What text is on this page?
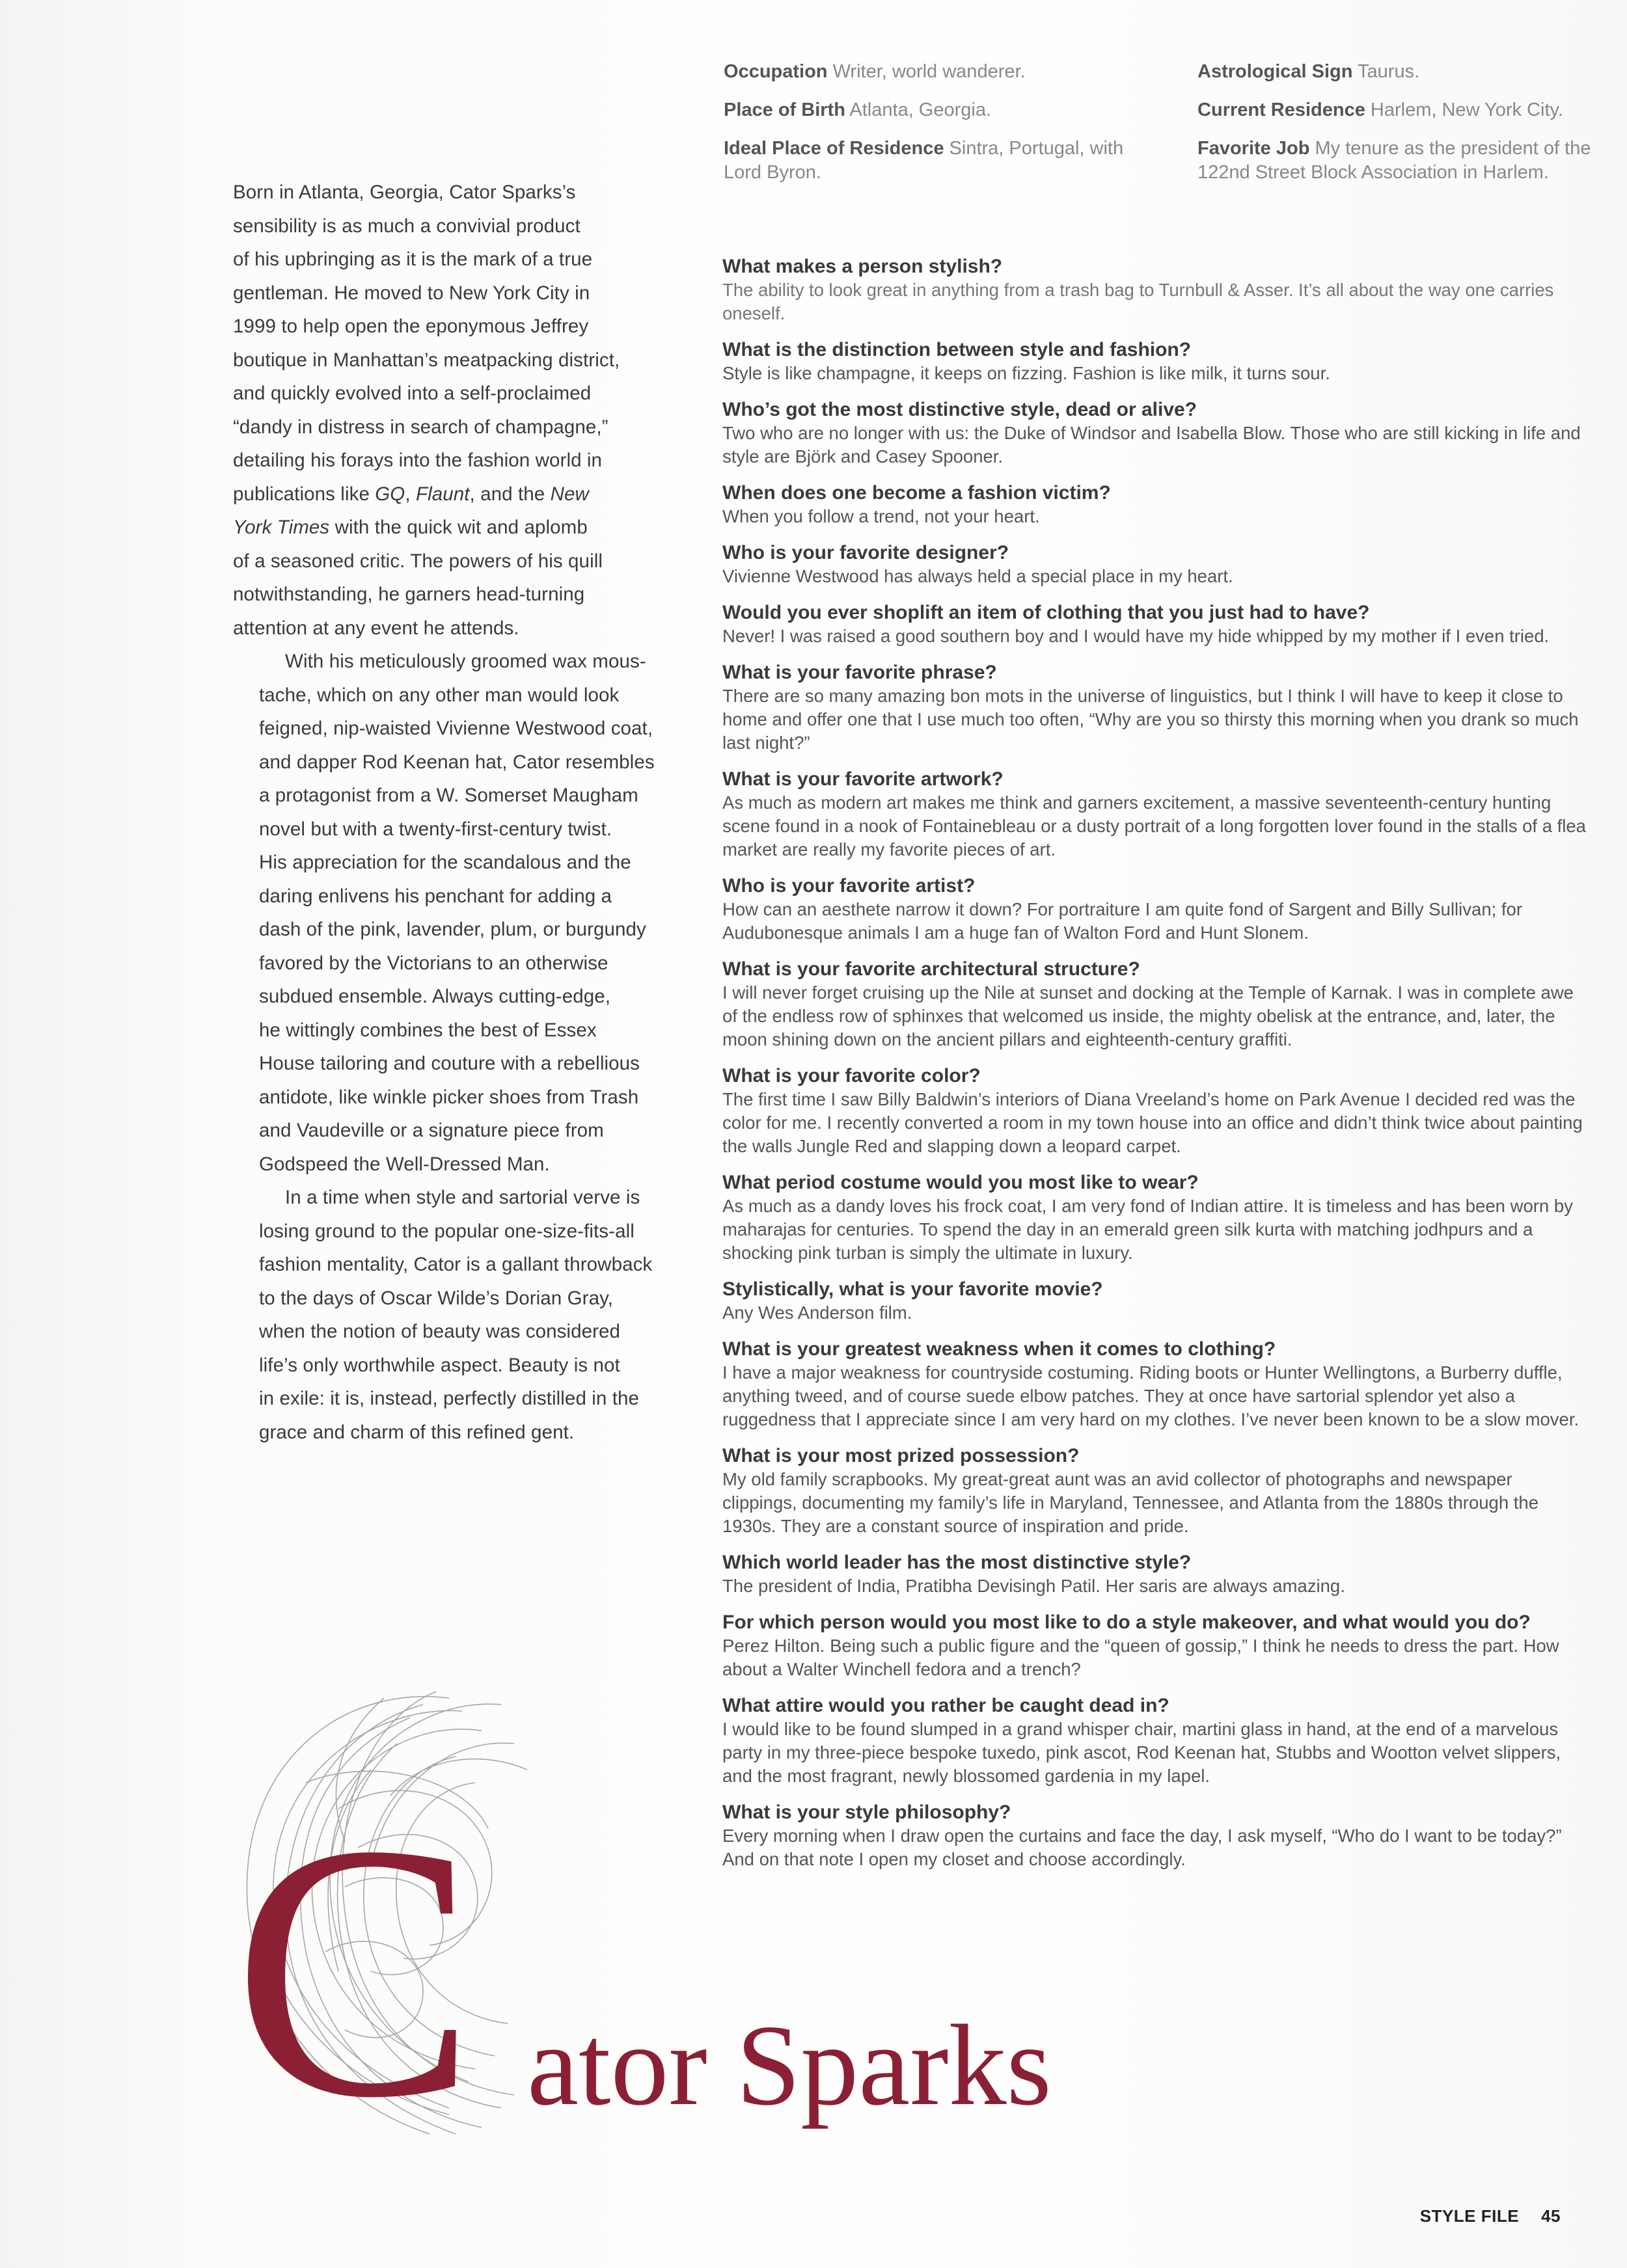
Occupation Writer, world wanderer.

Place of Birth Atlanta, Georgia.

Ideal Place of Residence Sintra, Portugal, with Lord Byron.

Astrological Sign Taurus.

Current Residence Harlem, New York City.

Favorite Job My tenure as the president of the 122nd Street Block Association in Harlem.

Born in Atlanta, Georgia, Cator Sparks’s
sensibility is as much a convivial product
of his upbringing as it is the mark of a true
gentleman. He moved to New York City in
1999 to help open the eponymous Jeffrey
boutique in Manhattan’s meatpacking district,
and quickly evolved into a self-proclaimed
“dandy in distress in search of champagne,”
detailing his forays into the fashion world in
publications like GQ, Flaunt, and the New
York Times with the quick wit and aplomb
of a seasoned critic. The powers of his quill
notwithstanding, he garners head-turning
attention at any event he attends.

With his meticulously groomed wax mous-
tache, which on any other man would look
feigned, nip-waisted Vivienne Westwood coat,
and dapper Rod Keenan hat, Cator resembles
a protagonist from a W. Somerset Maugham
novel but with a twenty-first-century twist.
His appreciation for the scandalous and the
daring enlivens his penchant for adding a
dash of the pink, lavender, plum, or burgundy
favored by the Victorians to an otherwise
subdued ensemble. Always cutting-edge,
he wittingly combines the best of Essex
House tailoring and couture with a rebellious
antidote, like winkle picker shoes from Trash
and Vaudeville or a signature piece from
Godspeed the Well-Dressed Man.

In a time when style and sartorial verve is
losing ground to the popular one-size-fits-all
fashion mentality, Cator is a gallant throwback
to the days of Oscar Wilde’s Dorian Gray,
when the notion of beauty was considered
life’s only worthwhile aspect. Beauty is not
in exile: it is, instead, perfectly distilled in the
grace and charm of this refined gent.

What makes a person stylish?

The ability to look great in anything from a trash bag to Turnbull & Asser. It’s all about the way one carries oneself.

What is the distinction between style and fashion?

Style is like champagne, it keeps on fizzing. Fashion is like milk, it turns sour.

Who’s got the most distinctive style, dead or alive?

Two who are no longer with us: the Duke of Windsor and Isabella Blow. Those who are still kicking in life and style are Björk and Casey Spooner.

When does one become a fashion victim?

When you follow a trend, not your heart.

Who is your favorite designer?

Vivienne Westwood has always held a special place in my heart.

Would you ever shoplift an item of clothing that you just had to have?

Never! I was raised a good southern boy and I would have my hide whipped by my mother if I even tried.

What is your favorite phrase?

There are so many amazing bon mots in the universe of linguistics, but I think I will have to keep it close to home and offer one that I use much too often, “Why are you so thirsty this morning when you drank so much last night?”

What is your favorite artwork?

As much as modern art makes me think and garners excitement, a massive seventeenth-century hunting scene found in a nook of Fontainebleau or a dusty portrait of a long forgotten lover found in the stalls of a flea market are really my favorite pieces of art.

Who is your favorite artist?

How can an aesthete narrow it down? For portraiture I am quite fond of Sargent and Billy Sullivan; for Audubonesque animals I am a huge fan of Walton Ford and Hunt Slonem.

What is your favorite architectural structure?

I will never forget cruising up the Nile at sunset and docking at the Temple of Karnak. I was in complete awe of the endless row of sphinxes that welcomed us inside, the mighty obelisk at the entrance, and, later, the moon shining down on the ancient pillars and eighteenth-century graffiti.

What is your favorite color?

The first time I saw Billy Baldwin’s interiors of Diana Vreeland’s home on Park Avenue I decided red was the color for me. I recently converted a room in my town house into an office and didn’t think twice about painting the walls Jungle Red and slapping down a leopard carpet.

What period costume would you most like to wear?

As much as a dandy loves his frock coat, I am very fond of Indian attire. It is timeless and has been worn by maharajas for centuries. To spend the day in an emerald green silk kurta with matching jodhpurs and a shocking pink turban is simply the ultimate in luxury.

Stylistically, what is your favorite movie?

Any Wes Anderson film.

What is your greatest weakness when it comes to clothing?

I have a major weakness for countryside costuming. Riding boots or Hunter Wellingtons, a Burberry duffle, anything tweed, and of course suede elbow patches. They at once have sartorial splendor yet also a ruggedness that I appreciate since I am very hard on my clothes. I’ve never been known to be a slow mover.

What is your most prized possession?

My old family scrapbooks. My great-great aunt was an avid collector of photographs and newspaper clippings, documenting my family’s life in Maryland, Tennessee, and Atlanta from the 1880s through the 1930s. They are a constant source of inspiration and pride.

Which world leader has the most distinctive style?

The president of India, Pratibha Devisingh Patil. Her saris are always amazing.

For which person would you most like to do a style makeover, and what would you do?

Perez Hilton. Being such a public figure and the “queen of gossip,” I think he needs to dress the part. How about a Walter Winchell fedora and a trench?

What attire would you rather be caught dead in?

I would like to be found slumped in a grand whisper chair, martini glass in hand, at the end of a marvelous party in my three-piece bespoke tuxedo, pink ascot, Rod Keenan hat, Stubbs and Wootton velvet slippers, and the most fragrant, newly blossomed gardenia in my lapel.

What is your style philosophy?

Every morning when I draw open the curtains and face the day, I ask myself, “Who do I want to be today?” And on that note I open my closet and choose accordingly.

C ator Sparks
STYLE FILE 45
